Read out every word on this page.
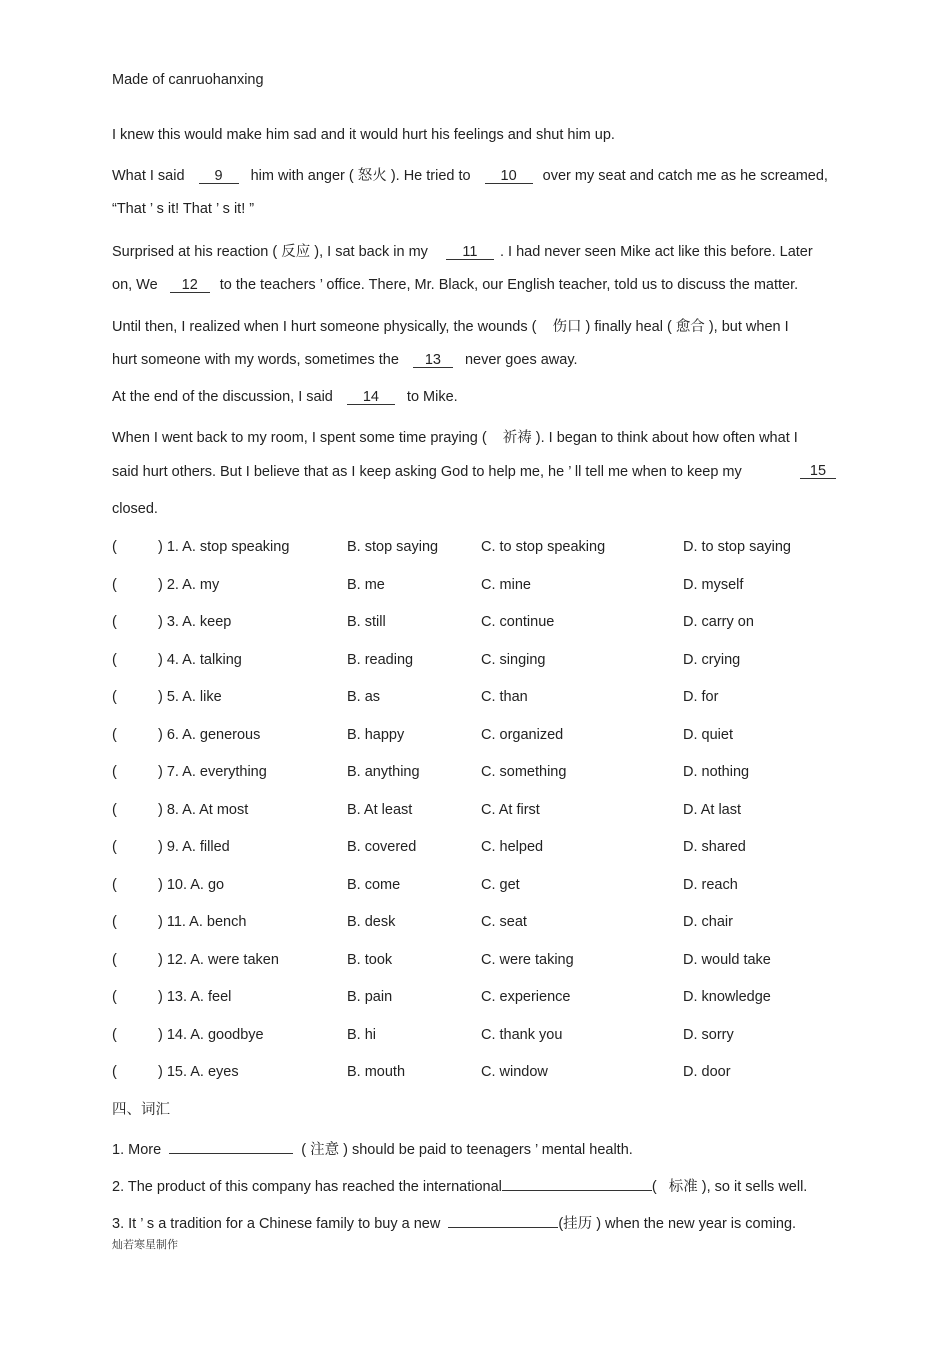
Made of canruohanxing
I knew this would make him sad and it would hurt his feelings and shut him up.
What I said 9 him with anger ( 怒火 ). He tried to 10 over my seat and catch me as he screamed,
“That ’ s it! That ’ s it! ”
Surprised at his reaction ( 反应 ), I sat back in my 11 . I had never seen Mike act like this before. Later
on, We 12 to the teachers ’ office. There, Mr. Black, our English teacher, told us to discuss the matter.
Until then, I realized when I hurt someone physically, the wounds ( 伤口 ) finally heal ( 愈合 ), but when I
hurt someone with my words, sometimes the 13 never goes away.
At the end of the discussion, I said 14 to Mike.
When I went back to my room, I spent some time praying ( 祈祷 ). I began to think about how often what I
said hurt others. But I believe that as I keep asking God to help me, he ’ ll tell me when to keep my	15
closed.
(	) 1. A. stop speaking	B. stop saying	C. to stop speaking	D. to stop saying
(	) 2. A. my	B. me	C. mine	D. myself
(	) 3. A. keep	B. still	C. continue	D. carry on
(	) 4. A. talking	B. reading	C. singing	D. crying
(	) 5. A. like	B. as	C. than	D. for
(	) 6. A. generous	B. happy	C. organized	D. quiet
(	) 7. A. everything	B. anything	C. something	D. nothing
(	) 8. A. At most	B. At least	C. At first	D. At last
(	) 9. A. filled	B. covered	C. helped	D. shared
(	) 10. A. go	B. come	C. get	D. reach
(	) 11. A. bench	B. desk	C. seat	D. chair
(	) 12. A. were taken	B. took	C. were taking	D. would take
(	) 13. A. feel	B. pain	C. experience	D. knowledge
(	) 14. A. goodbye	B. hi	C. thank you	D. sorry
(	) 15. A. eyes	B. mouth	C. window	D. door
四、词汇
1. More	( 注意 ) should be paid to teenagers ’ mental health.
2. The product of this company has reached the international	( 标准 ), so it sells well.
3. It ’ s a tradition for a Chinese family to buy a new	(挂历 ) when the new year is coming.
灿若寒星制作
